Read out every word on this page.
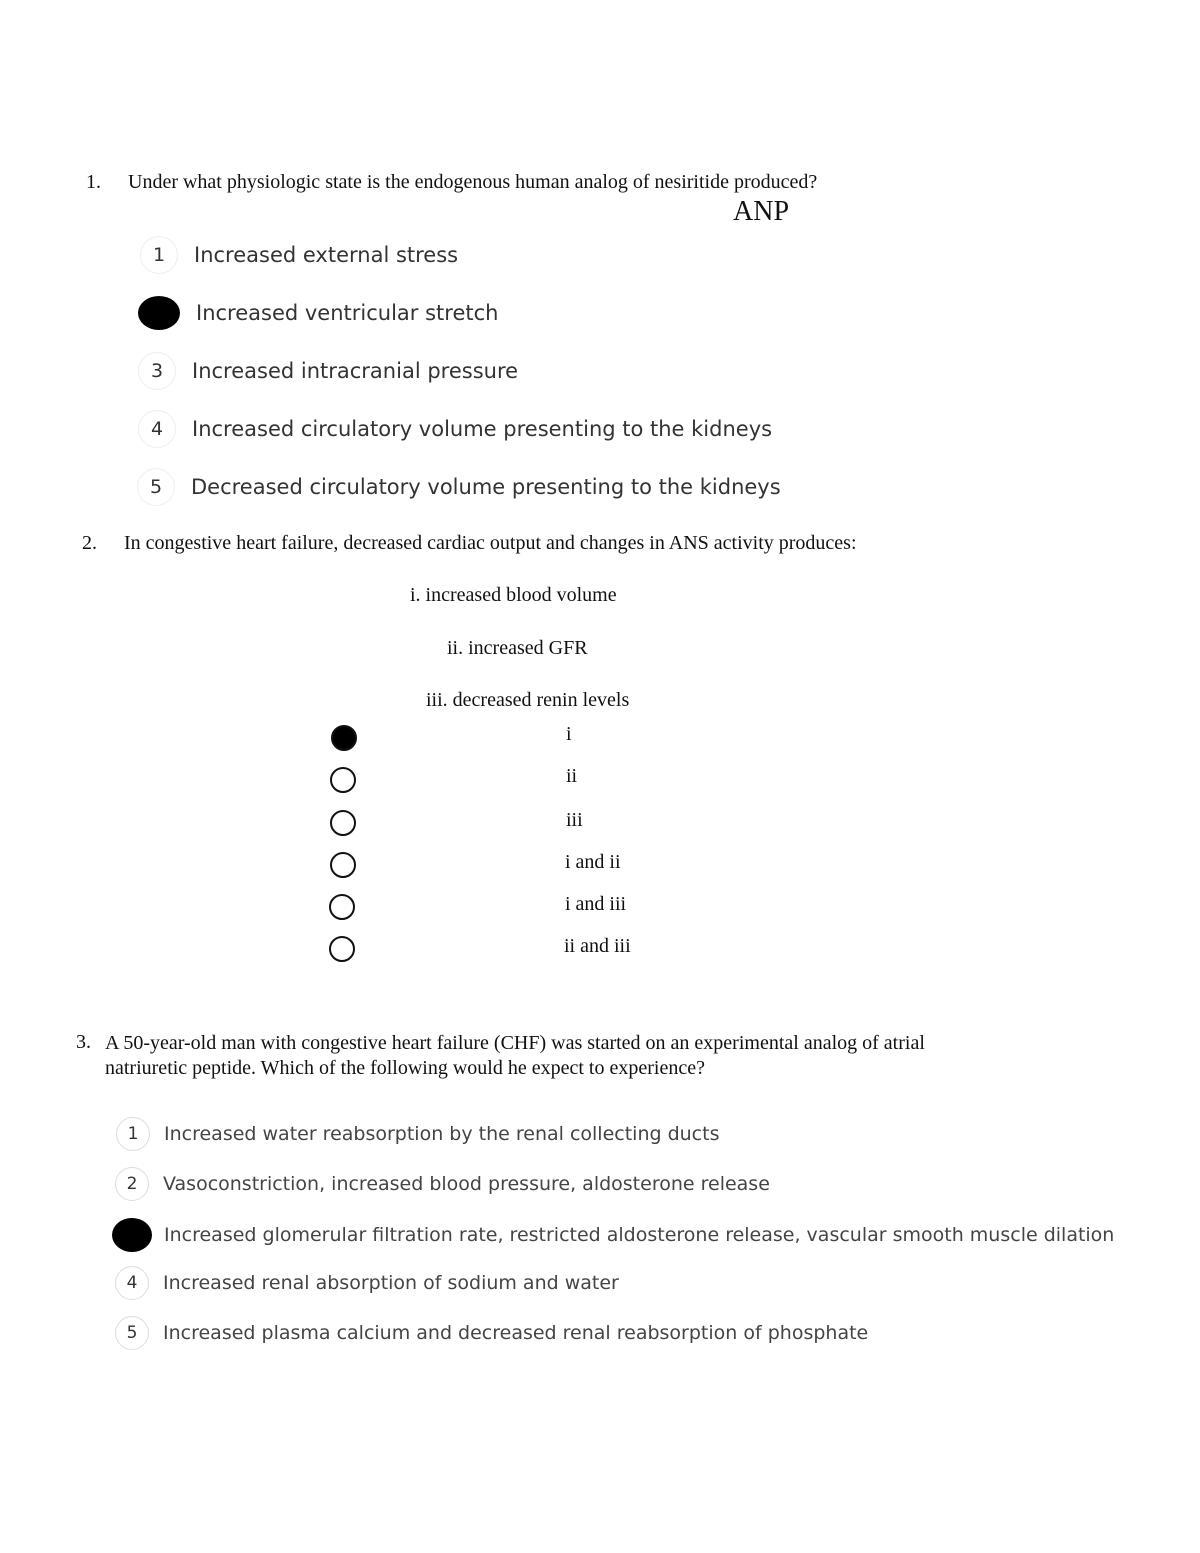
1. Under what physiologic state is the endogenous human analog of nesiritide produced?
ANP
1	Increased external stress
Increased ventricular stretch
3	Increased intracranial pressure
4	Increased circulatory volume presenting to the kidneys
5	Decreased circulatory volume presenting to the kidneys
2. In congestive heart failure, decreased cardiac output and changes in ANS activity produces:
i. increased blood volume
ii. increased GFR
iii. decreased renin levels
i
ii
iii
i and ii
i and iii
ii and iii
3. A 50-year-old man with congestive heart failure (CHF) was started on an experimental analog of atrial
natriuretic peptide. Which of the following would he expect to experience?
1	Increased water reabsorption by the renal collecting ducts
2	Vasoconstriction, increased blood pressure, aldosterone release
Increased glomerular filtration rate, restricted aldosterone release, vascular smooth muscle dilation
4	Increased renal absorption of sodium and water
5	Increased plasma calcium and decreased renal reabsorption of phosphate
